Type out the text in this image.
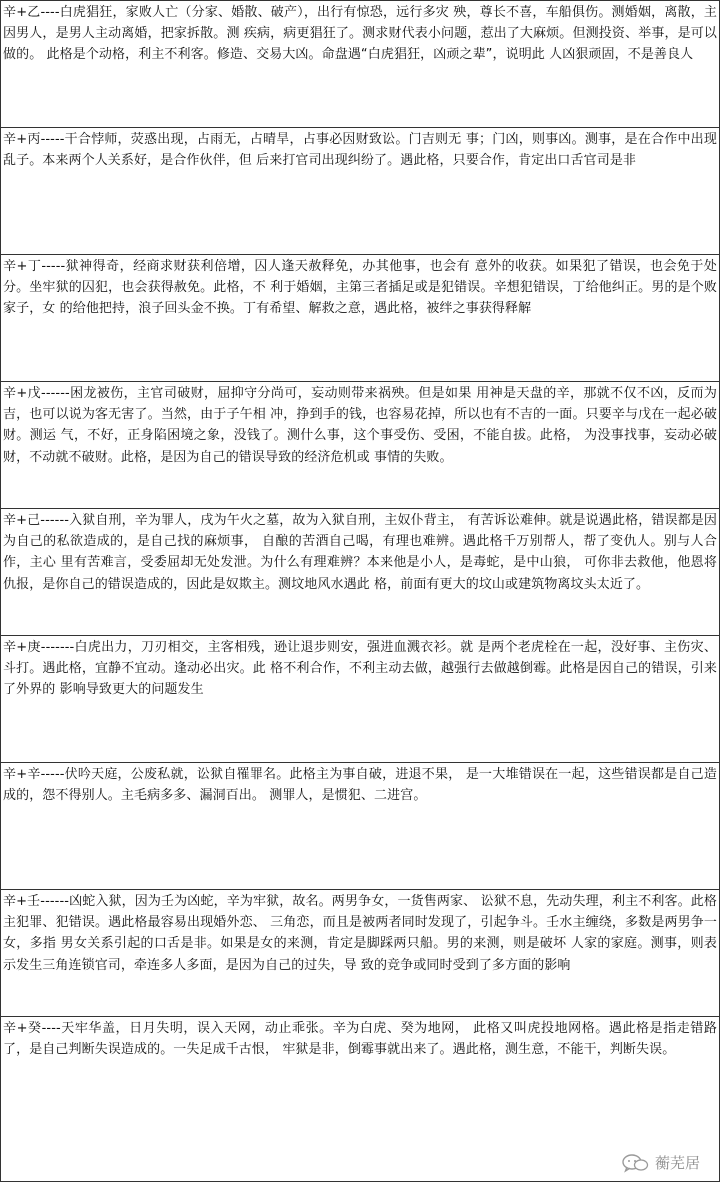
辛+乙----白虎猖狂，家败人亡（分家、婚散、破产），出行有惊恐，远行多灾 殃，尊长不喜，车船俱伤。测婚姻，离散，主因男人，是男人主动离婚，把家拆散。测 疾病，病更猖狂了。测求财代表小问题，惹出了大麻烦。但测投资、举事，是可以做的。 此格是个动格，利主不利客。修造、交易大凶。命盘遇“白虎猖狂，凶顽之辈”，说明此 人凶狠顽固，不是善良人

辛+丙-----干合悖师，荧惑出现，占雨无，占晴旱，占事必因财致讼。门吉则无 事；门凶，则事凶。测事，是在合作中出现乱子。本来两个人关系好，是合作伙伴，但 后来打官司出现纠纷了。遇此格，只要合作，肯定出口舌官司是非

辛+丁-----狱神得奇，经商求财获利倍增，囚人逢天赦释免，办其他事，也会有 意外的收获。如果犯了错误，也会免于处分。坐牢狱的囚犯，也会获得赦免。此格，不 利于婚姻，主第三者插足或是犯错误。辛想犯错误，丁给他纠正。男的是个败家子，女 的给他把持，浪子回头金不换。丁有希望、解救之意，遇此格，被绊之事获得释解

辛+戊------困龙被伤，主官司破财，屈抑守分尚可，妄动则带来祸殃。但是如果 用神是天盘的辛，那就不仅不凶，反而为吉，也可以说为客无害了。当然，由于子午相 冲，挣到手的钱，也容易花掉，所以也有不吉的一面。只要辛与戊在一起必破财。测运 气，不好，正身陷困境之象，没钱了。测什么事，这个事受伤、受困，不能自拔。此格， 为没事找事，妄动必破财，不动就不破财。此格，是因为自己的错误导致的经济危机或 事情的失败。

辛+己------入狱自刑，辛为罪人，戌为午火之墓，故为入狱自刑，主奴仆背主， 有苦诉讼难伸。就是说遇此格，错误都是因为自己的私欲造成的，是自己找的麻烦事， 自酿的苦酒自己喝，有理也难辨。遇此格千万别帮人，帮了变仇人。别与人合作，主心 里有苦难言，受委屈却无处发泄。为什么有理难辨？本来他是小人，是毒蛇，是中山狼， 可你非去救他，他恩将仇报，是你自己的错误造成的，因此是奴欺主。测坟地风水遇此 格，前面有更大的坟山或建筑物离坟头太近了。

辛+庚-------白虎出力，刀刃相交，主客相残，逊让退步则安，强进血溅衣衫。就 是两个老虎栓在一起，没好事、主伤灾、斗打。遇此格，宜静不宜动。逢动必出灾。此 格不利合作，不利主动去做，越强行去做越倒霉。此格是因自己的错误，引来了外界的 影响导致更大的问题发生

辛+辛-----伏吟天庭，公废私就，讼狱自罹罪名。此格主为事自破，进退不果， 是一大堆错误在一起，这些错误都是自己造成的，怨不得别人。主毛病多多、漏洞百出。 测罪人，是惯犯、二进宫。

辛+壬------凶蛇入狱，因为壬为凶蛇，辛为牢狱，故名。两男争女，一货售两家、 讼狱不息，先动失理，利主不利客。此格主犯罪、犯错误。遇此格最容易出现婚外恋、 三角恋，而且是被两者同时发现了，引起争斗。壬水主缠绕，多数是两男争一女，多指 男女关系引起的口舌是非。如果是女的来测，肯定是脚踩两只船。男的来测，则是破坏 人家的家庭。测事，则表示发生三角连锁官司，牵连多人多面，是因为自己的过失，导 致的竞争或同时受到了多方面的影响

辛+癸----天牢华盖，日月失明，误入天网，动止乖张。辛为白虎、癸为地网， 此格又叫虎投地网格。遇此格是指走错路了，是自己判断失误造成的。一失足成千古恨， 牢狱是非，倒霉事就出来了。遇此格，测生意，不能干，判断失误。

蘅芜居
